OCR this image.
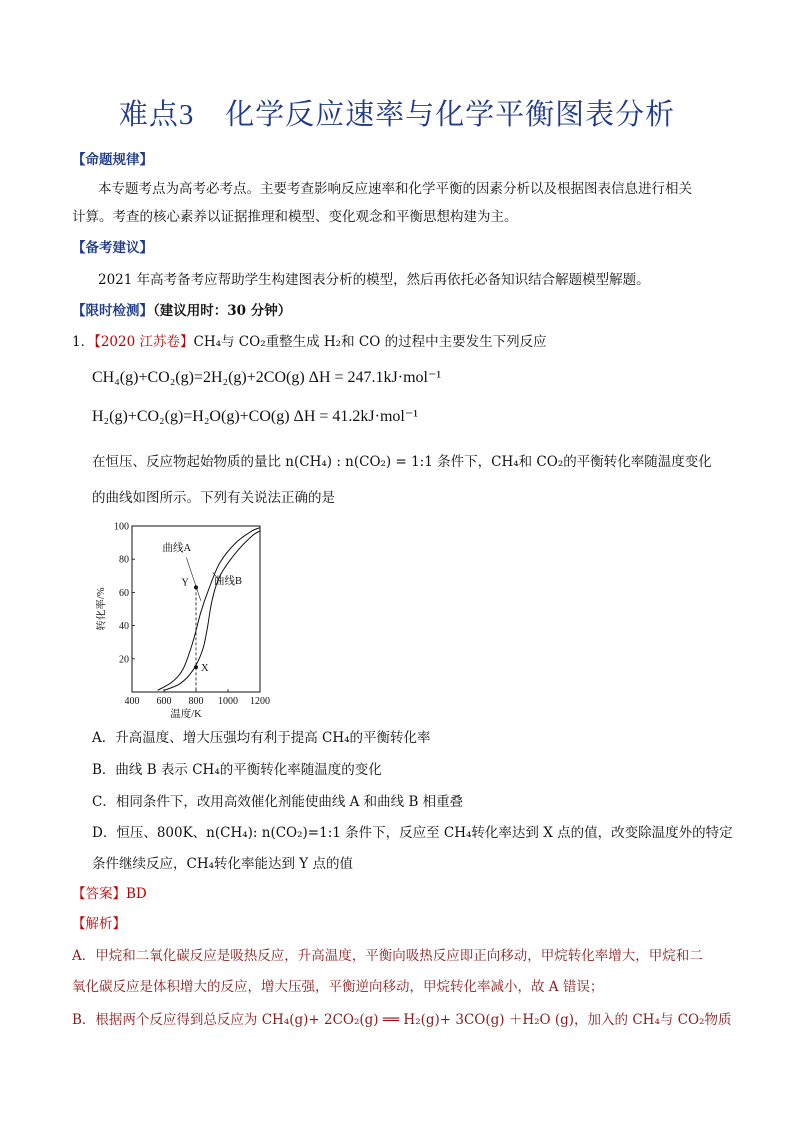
难点3 化学反应速率与化学平衡图表分析
【命题规律】
本专题考点为高考必考点。主要考查影响反应速率和化学平衡的因素分析以及根据图表信息进行相关
计算。考查的核心素养以证据推理和模型、变化观念和平衡思想构建为主。
【备考建议】
2021 年高考备考应帮助学生构建图表分析的模型，然后再依托必备知识结合解题模型解题。
【限时检测】（建议用时：30 分钟）
1．【2020 江苏卷】CH₄与 CO₂重整生成 H₂和 CO 的过程中主要发生下列反应
CH₄(g)+CO₂(g)=2H₂(g)+2CO(g) ΔH = 247.1kJ·mol⁻¹
H₂(g)+CO₂(g)=H₂O(g)+CO(g) ΔH = 41.2kJ·mol⁻¹
在恒压、反应物起始物质的量比 n(CH₄) : n(CO₂) = 1:1 条件下，CH₄和 CO₂的平衡转化率随温度变化
的曲线如图所示。下列有关说法正确的是
400 600 800 1000 1200
20
40
60
80
100
温度/K
转化率/%
曲线A
曲线B
Y
X
A．升高温度、增大压强均有利于提高 CH₄的平衡转化率
B．曲线 B 表示 CH₄的平衡转化率随温度的变化
C．相同条件下，改用高效催化剂能使曲线 A 和曲线 B 相重叠
D．恒压、800K、n(CH₄): n(CO₂)=1:1 条件下，反应至 CH₄转化率达到 X 点的值，改变除温度外的特定
条件继续反应，CH₄转化率能达到 Y 点的值
【答案】BD
【解析】
A．甲烷和二氧化碳反应是吸热反应，升高温度，平衡向吸热反应即正向移动，甲烷转化率增大，甲烷和二
氧化碳反应是体积增大的反应，增大压强，平衡逆向移动，甲烷转化率减小，故 A 错误；
B．根据两个反应得到总反应为 CH₄(g)+ 2CO₂(g) ══ H₂(g)+ 3CO(g) ＋H₂O (g)，加入的 CH₄与 CO₂物质
